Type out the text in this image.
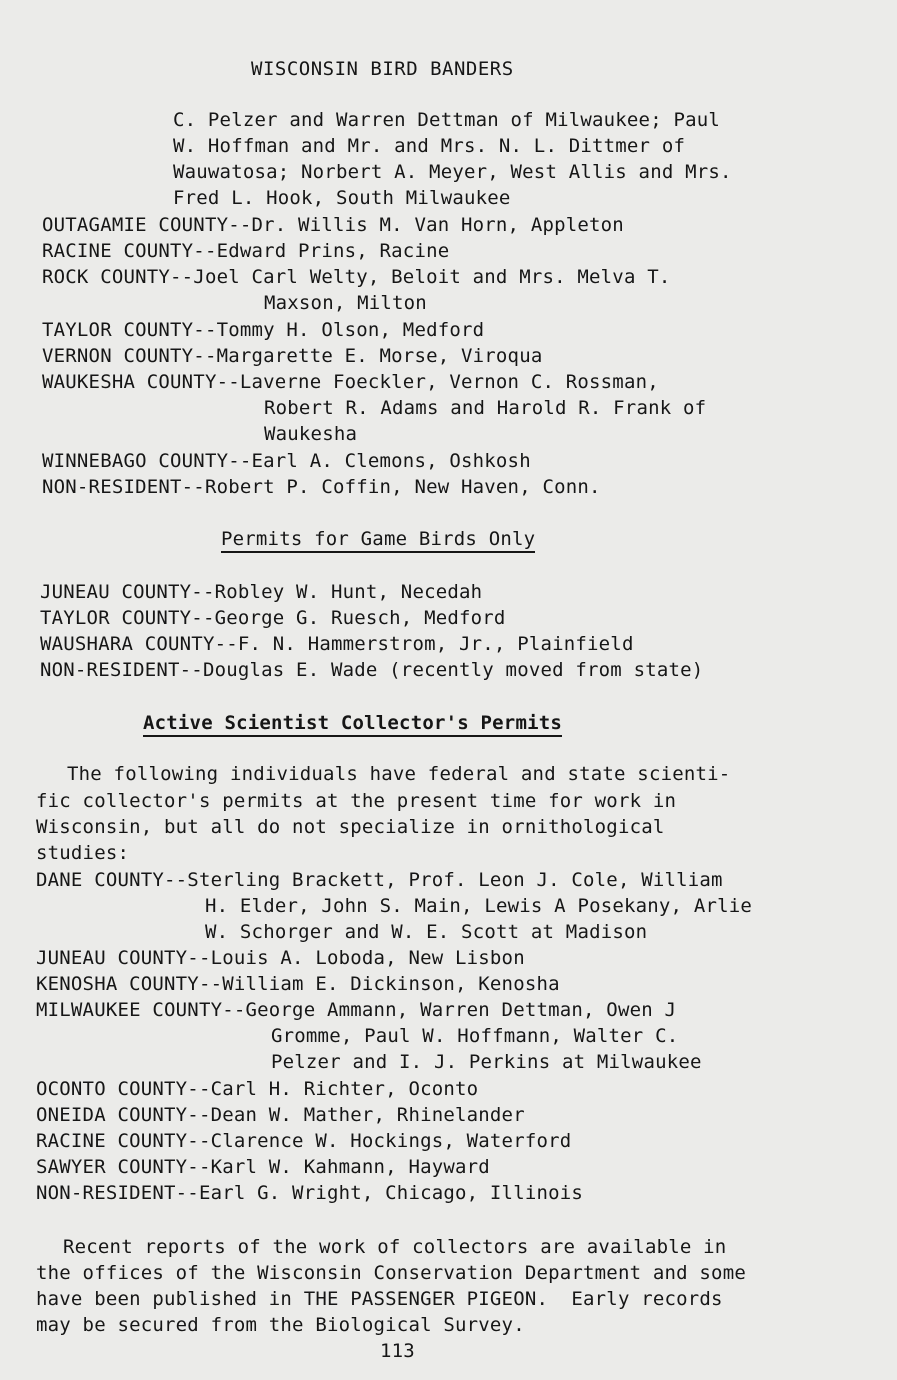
WISCONSIN BIRD BANDERS
C. Pelzer and Warren Dettman of Milwaukee; Paul
W. Hoffman and Mr. and Mrs. N. L. Dittmer of
Wauwatosa; Norbert A. Meyer, West Allis and Mrs.
Fred L. Hook, South Milwaukee
OUTAGAMIE COUNTY--Dr. Willis M. Van Horn, Appleton
RACINE COUNTY--Edward Prins, Racine
ROCK COUNTY--Joel Carl Welty, Beloit and Mrs. Melva T.
Maxson, Milton
TAYLOR COUNTY--Tommy H. Olson, Medford
VERNON COUNTY--Margarette E. Morse, Viroqua
WAUKESHA COUNTY--Laverne Foeckler, Vernon C. Rossman,
Robert R. Adams and Harold R. Frank of
Waukesha
WINNEBAGO COUNTY--Earl A. Clemons, Oshkosh
NON-RESIDENT--Robert P. Coffin, New Haven, Conn.
Permits for Game Birds Only
JUNEAU COUNTY--Robley W. Hunt, Necedah
TAYLOR COUNTY--George G. Ruesch, Medford
WAUSHARA COUNTY--F. N. Hammerstrom, Jr., Plainfield
NON-RESIDENT--Douglas E. Wade (recently moved from state)
Active Scientist Collector's Permits
The following individuals have federal and state scienti-
fic collector's permits at the present time for work in
Wisconsin, but all do not specialize in ornithological
studies:
DANE COUNTY--Sterling Brackett, Prof. Leon J. Cole, William
H. Elder, John S. Main, Lewis A Posekany, Arlie
W. Schorger and W. E. Scott at Madison
JUNEAU COUNTY--Louis A. Loboda, New Lisbon
KENOSHA COUNTY--William E. Dickinson, Kenosha
MILWAUKEE COUNTY--George Ammann, Warren Dettman, Owen J
Gromme, Paul W. Hoffmann, Walter C.
Pelzer and I. J. Perkins at Milwaukee
OCONTO COUNTY--Carl H. Richter, Oconto
ONEIDA COUNTY--Dean W. Mather, Rhinelander
RACINE COUNTY--Clarence W. Hockings, Waterford
SAWYER COUNTY--Karl W. Kahmann, Hayward
NON-RESIDENT--Earl G. Wright, Chicago, Illinois
Recent reports of the work of collectors are available in
the offices of the Wisconsin Conservation Department and some
have been published in THE PASSENGER PIGEON.  Early records
may be secured from the Biological Survey.
113
